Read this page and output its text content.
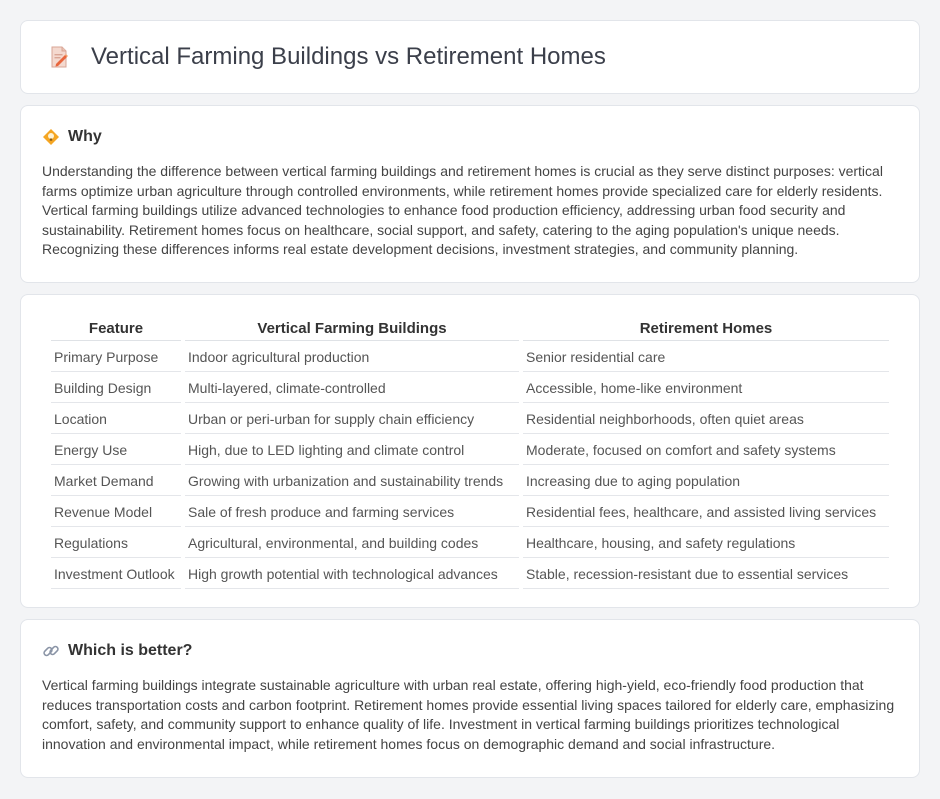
Vertical Farming Buildings vs Retirement Homes
Why

Understanding the difference between vertical farming buildings and retirement homes is crucial as they serve distinct purposes: vertical farms optimize urban agriculture through controlled environments, while retirement homes provide specialized care for elderly residents. Vertical farming buildings utilize advanced technologies to enhance food production efficiency, addressing urban food security and sustainability. Retirement homes focus on healthcare, social support, and safety, catering to the aging population's unique needs. Recognizing these differences informs real estate development decisions, investment strategies, and community planning.

Feature	Vertical Farming Buildings	Retirement Homes
Primary Purpose	Indoor agricultural production	Senior residential care
Building Design	Multi-layered, climate-controlled	Accessible, home-like environment
Location	Urban or peri-urban for supply chain efficiency	Residential neighborhoods, often quiet areas
Energy Use	High, due to LED lighting and climate control	Moderate, focused on comfort and safety systems
Market Demand	Growing with urbanization and sustainability trends	Increasing due to aging population
Revenue Model	Sale of fresh produce and farming services	Residential fees, healthcare, and assisted living services
Regulations	Agricultural, environmental, and building codes	Healthcare, housing, and safety regulations
Investment Outlook	High growth potential with technological advances	Stable, recession-resistant due to essential services
Which is better?

Vertical farming buildings integrate sustainable agriculture with urban real estate, offering high-yield, eco-friendly food production that reduces transportation costs and carbon footprint. Retirement homes provide essential living spaces tailored for elderly care, emphasizing comfort, safety, and community support to enhance quality of life. Investment in vertical farming buildings prioritizes technological innovation and environmental impact, while retirement homes focus on demographic demand and social infrastructure.
